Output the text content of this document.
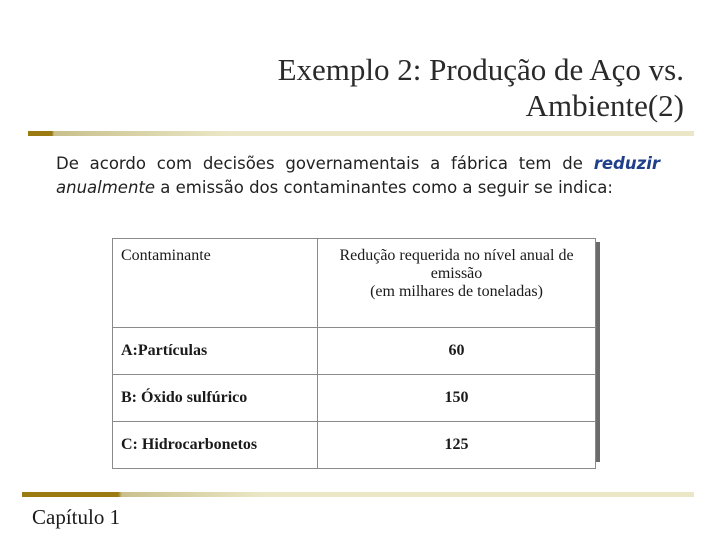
Exemplo 2: Produção de Aço vs.
Ambiente(2)
De acordo com decisões governamentais a fábrica tem de reduzir anualmente a emissão dos contaminantes como a seguir se indica:
Contaminante	Redução requerida no nível anual de emissão
(em milhares de toneladas)

A:Partículas	60
B: Óxido sulfúrico	150
C: Hidrocarbonetos	125
Capítulo 1
